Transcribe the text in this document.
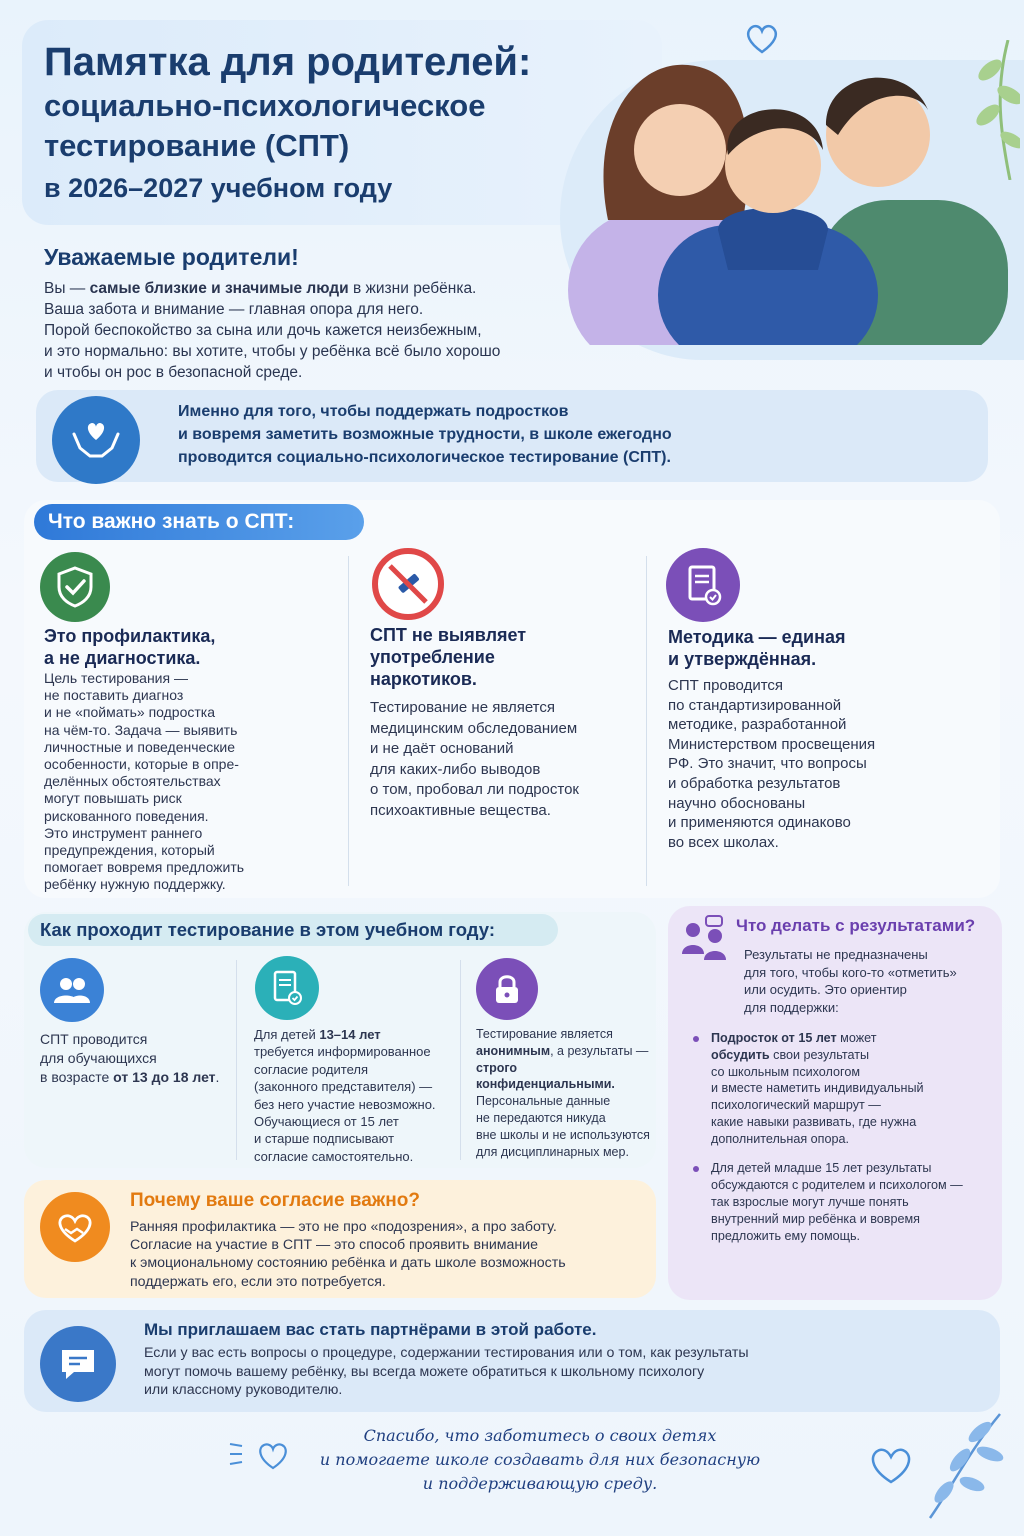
Памятка для родителей:
социально-психологическое
тестирование (СПТ)
в 2026–2027 учебном году
Уважаемые родители!
Вы — самые близкие и значимые люди в жизни ребёнка.
Ваша забота и внимание — главная опора для него.
Порой беспокойство за сына или дочь кажется неизбежным,
и это нормально: вы хотите, чтобы у ребёнка всё было хорошо
и чтобы он рос в безопасной среде.
Именно для того, чтобы поддержать подростков
и вовремя заметить возможные трудности, в школе ежегодно
проводится социально-психологическое тестирование (СПТ).
Что важно знать о СПТ:
Это профилактика,
а не диагностика.
Цель тестирования —
не поставить диагноз
и не «поймать» подростка
на чём-то. Задача — выявить
личностные и поведенческие
особенности, которые в опре-
делённых обстоятельствах
могут повышать риск
рискованного поведения.
Это инструмент раннего
предупреждения, который
помогает вовремя предложить
ребёнку нужную поддержку.
СПТ не выявляет
употребление
наркотиков.
Тестирование не является
медицинским обследованием
и не даёт оснований
для каких-либо выводов
о том, пробовал ли подросток
психоактивные вещества.
Методика — единая
и утверждённая.
СПТ проводится
по стандартизированной
методике, разработанной
Министерством просвещения
РФ. Это значит, что вопросы
и обработка результатов
научно обоснованы
и применяются одинаково
во всех школах.
Как проходит тестирование в этом учебном году:
СПТ проводится
для обучающихся
в возрасте от 13 до 18 лет.
Для детей 13–14 лет
требуется информированное
согласие родителя
(законного представителя) —
без него участие невозможно.
Обучающиеся от 15 лет
и старше подписывают
согласие самостоятельно.
Тестирование является
анонимным, а результаты —
строго конфиденциальными.
Персональные данные
не передаются никуда
вне школы и не используются
для дисциплинарных мер.
Что делать с результатами?
Результаты не предназначены
для того, чтобы кого-то «отметить»
или осудить. Это ориентир
для поддержки:
Подросток от 15 лет может
обсудить свои результаты
со школьным психологом
и вместе наметить индивидуальный
психологический маршрут —
какие навыки развивать, где нужна
дополнительная опора.
Для детей младше 15 лет результаты
обсуждаются с родителем и психологом —
так взрослые могут лучше понять
внутренний мир ребёнка и вовремя
предложить ему помощь.
Почему ваше согласие важно?
Ранняя профилактика — это не про «подозрения», а про заботу.
Согласие на участие в СПТ — это способ проявить внимание
к эмоциональному состоянию ребёнка и дать школе возможность
поддержать его, если это потребуется.
Мы приглашаем вас стать партнёрами в этой работе.
Если у вас есть вопросы о процедуре, содержании тестирования или о том, как результаты
могут помочь вашему ребёнку, вы всегда можете обратиться к школьному психологу
или классному руководителю.
Спасибо, что заботитесь о своих детях
и помогаете школе создавать для них безопасную
и поддерживающую среду.
